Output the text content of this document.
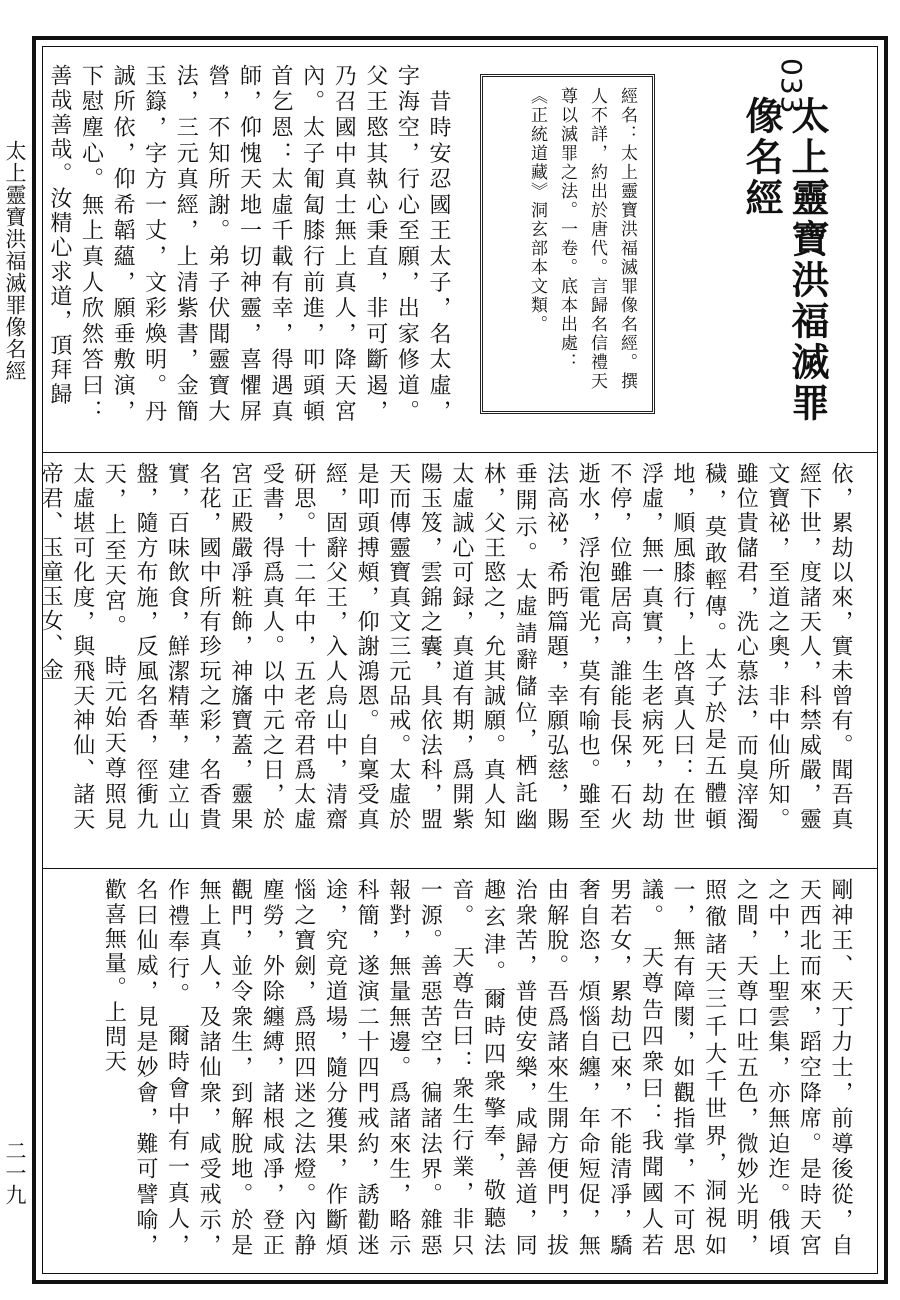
太上靈寶洪福滅罪像名經
二一九
033
太上靈寶洪福滅罪像名經
經名：太上靈寶洪福滅罪像名經。撰人不詳，約出於唐代。言歸名信禮天尊以滅罪之法。一卷。底本出處：《正統道藏》洞玄部本文類。
　昔時安忍國王太子，名太虛，字海空，行心至願，出家修道。父王愍其執心秉直，非可斷遏，乃召國中真士無上真人，降天宮內。太子匍匐膝行前進，叩頭頓首乞恩：太虛千載有幸，得遇真師，仰愧天地一切神靈，喜懼屏營，不知所謝。弟子伏聞靈寶大法，三元真經，上清紫書，金簡玉籙，字方一丈，文彩煥明。丹誠所依，仰希韜蘊，願垂敷演，下慰塵心。無上真人欣然答曰：善哉善哉。汝精心求道，頂拜歸
依，累劫以來，實未曾有。聞吾真經下世，度諸天人，科禁威嚴，靈文寶祕，至道之奧，非中仙所知。雖位貴儲君，洗心慕法，而臭滓濁穢，莫敢輕傳。太子於是五體頓地，順風膝行，上啓真人曰：在世浮虛，無一真實，生老病死，劫劫不停，位雖居高，誰能長保，石火逝水，浮泡電光，莫有喻也。雖至法高祕，希眄篇題，幸願弘慈，賜垂開示。太虛請辭儲位，栖託幽林，父王愍之，允其誠願。真人知太虛誠心可録，真道有期，爲開紫陽玉笈，雲錦之囊，具依法科，盟天而傳靈寶真文三元品戒。太虛於是叩頭搏頰，仰謝鴻恩。自稟受真經，固辭父王，入人烏山中，清齋研思。十二年中，五老帝君爲太虛受書，得爲真人。以中元之日，於宮正殿嚴凈粧飾，神旛寶蓋，靈果名花，國中所有珍玩之彩，名香貴實，百味飲食，鮮潔精華，建立山盤，隨方布施，反風名香，徑衝九天，上至天宮。　時元始天尊照見太虛堪可化度，與飛天神仙、諸天帝君、玉童玉女、金
剛神王、天丁力士，前導後從，自天西北而來，蹈空降席。是時天宮之中，上聖雲集，亦無迫迮。俄頃之間，天尊口吐五色，微妙光明，照徹諸天三千大千世界，洞視如一，無有障閡，如觀指掌，不可思議。　天尊告四衆曰：我聞國人若男若女，累劫已來，不能清凈，驕奢自恣，煩惱自纏，年命短促，無由解脫。吾爲諸來生開方便門，拔治衆苦，普使安樂，咸歸善道，同趣玄津。爾時四衆擎奉，敬聽法音。　天尊告曰：衆生行業，非只一源。善惡苦空，徧諸法界。雜惡報對，無量無邊。爲諸來生，略示科簡，遂演二十四門戒約，誘勸迷途，究竟道場，隨分獲果，作斷煩惱之寶劍，爲照四迷之法燈。內静塵勞，外除纏縛，諸根咸凈，登正觀門，並令衆生，到解脫地。於是無上真人，及諸仙衆，咸受戒示，作禮奉行。　爾時會中有一真人，名曰仙威，見是妙會，難可譬喻，歡喜無量。上問天
